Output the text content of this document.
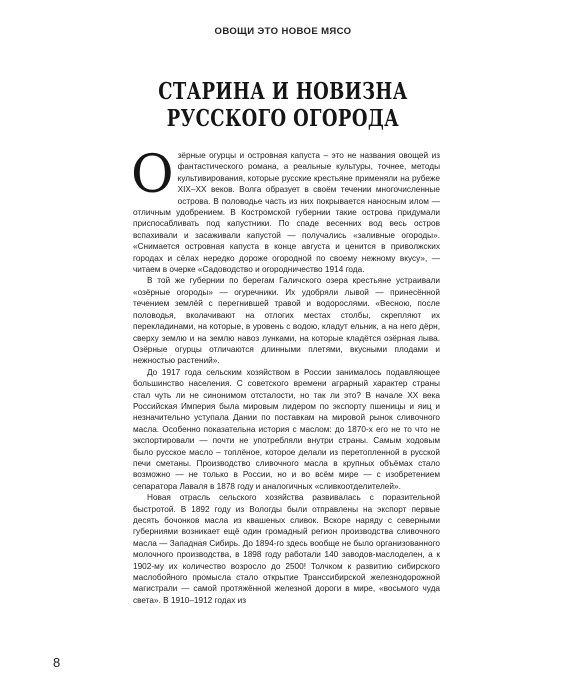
ОВОЩИ ЭТО НОВОЕ МЯСО
СТАРИНА И НОВИЗНА
РУССКОГО ОГОРОДА

Озёрные огурцы и островная капуста – это не названия овощей из фантастического романа, а реальные культуры, точнее, методы культивирования, которые русские крестьяне применяли на рубеже XIX–XX веков. Волга образует в своём течении многочисленные острова. В половодье часть из них покрывается наносным илом — отличным удобрением. В Костромской губернии такие острова придумали приспосабливать под капустники. По спаде весенних вод весь остров вспахивали и засаживали капустой — получались «заливные огороды». «Снимается островная капуста в конце августа и ценится в приволжских городах и сёлах нередко дороже огородной по своему нежному вкусу», — читаем в очерке «Садоводство и огородничество 1914 года.

В той же губернии по берегам Галичского озера крестьяне устраивали «озёрные огороды» — огуречники. Их удобряли лывой — принесённой течением землёй с перегнившей травой и водорослями. «Весною, после половодья, вколачивают на отлогих местах столбы, скрепляют их перекладинами, на которые, в уровень с водою, кладут ельник, а на него дёрн, сверху землю и на землю навоз лунками, на которые кладётся озёрная лыва. Озёрные огурцы отличаются длинными плетями, вкусными плодами и нежностью растений».

До 1917 года сельским хозяйством в России занималось подавляющее большинство населения. С советского времени аграрный характер страны стал чуть ли не синонимом отсталости, но так ли это? В начале XX века Российская Империя была мировым лидером по экспорту пшеницы и яиц и незначительно уступала Дании по поставкам на мировой рынок сливочного масла. Особенно показательна история с маслом: до 1870-х его не то что не экспортировали — почти не употребляли внутри страны. Самым ходовым было русское масло – топлёное, которое делали из перетопленной в русской печи сметаны. Производство сливочного масла в крупных объёмах стало возможно — не только в России, но и во всём мире — с изобретением сепаратора Лаваля в 1878 году и аналогичных «сливкоотделителей».

Новая отрасль сельского хозяйства развивалась с поразительной быстротой. В 1892 году из Вологды были отправлены на экспорт первые десять бочонков масла из квашеных сливок. Вскоре наряду с северными губерниями возникает ещё один громадный регион производства сливочного масла — Западная Сибирь. До 1894-го здесь вообще не было организованного молочного производства, в 1898 году работали 140 заводов-маслоделен, а к 1902-му их количество возросло до 2500! Толчком к развитию сибирского маслобойного промысла стало открытие Транссибирской железнодорожной магистрали — самой протяжённой железной дороги в мире, «восьмого чуда света». В 1910–1912 годах из

8
